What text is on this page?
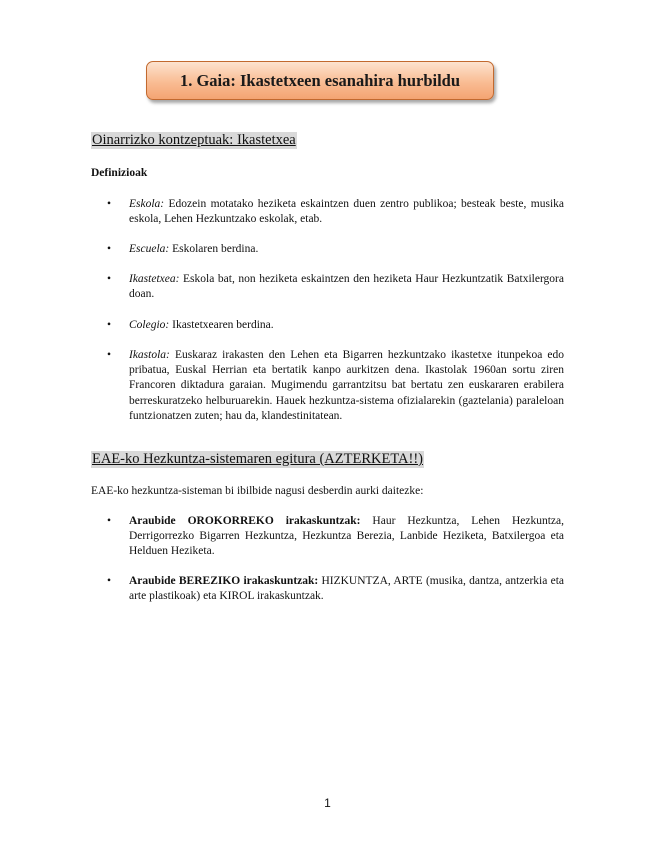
1. Gaia: Ikastetxeen esanahira hurbildu
Oinarrizko kontzeptuak: Ikastetxea
Definizioak
• Eskola: Edozein motatako heziketa eskaintzen duen zentro publikoa; besteak beste, musika eskola, Lehen Hezkuntzako eskolak, etab.
• Escuela: Eskolaren berdina.
• Ikastetxea: Eskola bat, non heziketa eskaintzen den heziketa Haur Hezkuntzatik Batxilergora doan.
• Colegio: Ikastetxearen berdina.
• Ikastola: Euskaraz irakasten den Lehen eta Bigarren hezkuntzako ikastetxe itunpekoa edo pribatua, Euskal Herrian eta bertatik kanpo aurkitzen dena. Ikastolak 1960an sortu ziren Francoren diktadura garaian. Mugimendu garrantzitsu bat bertatu zen euskararen erabilera berreskuratzeko helburuarekin. Hauek hezkuntza-sistema ofizialarekin (gaztelania) paraleloan funtzionatzen zuten; hau da, klandestinitatean.
EAE-ko Hezkuntza-sistemaren egitura (AZTERKETA!!)
EAE-ko hezkuntza-sisteman bi ibilbide nagusi desberdin aurki daitezke:
• Araubide OROKORREKO irakaskuntzak: Haur Hezkuntza, Lehen Hezkuntza, Derrigorrezko Bigarren Hezkuntza, Hezkuntza Berezia, Lanbide Heziketa, Batxilergoa eta Helduen Heziketa.
• Araubide BEREZIKO irakaskuntzak: HIZKUNTZA, ARTE (musika, dantza, antzerkia eta arte plastikoak) eta KIROL irakaskuntzak.
1
